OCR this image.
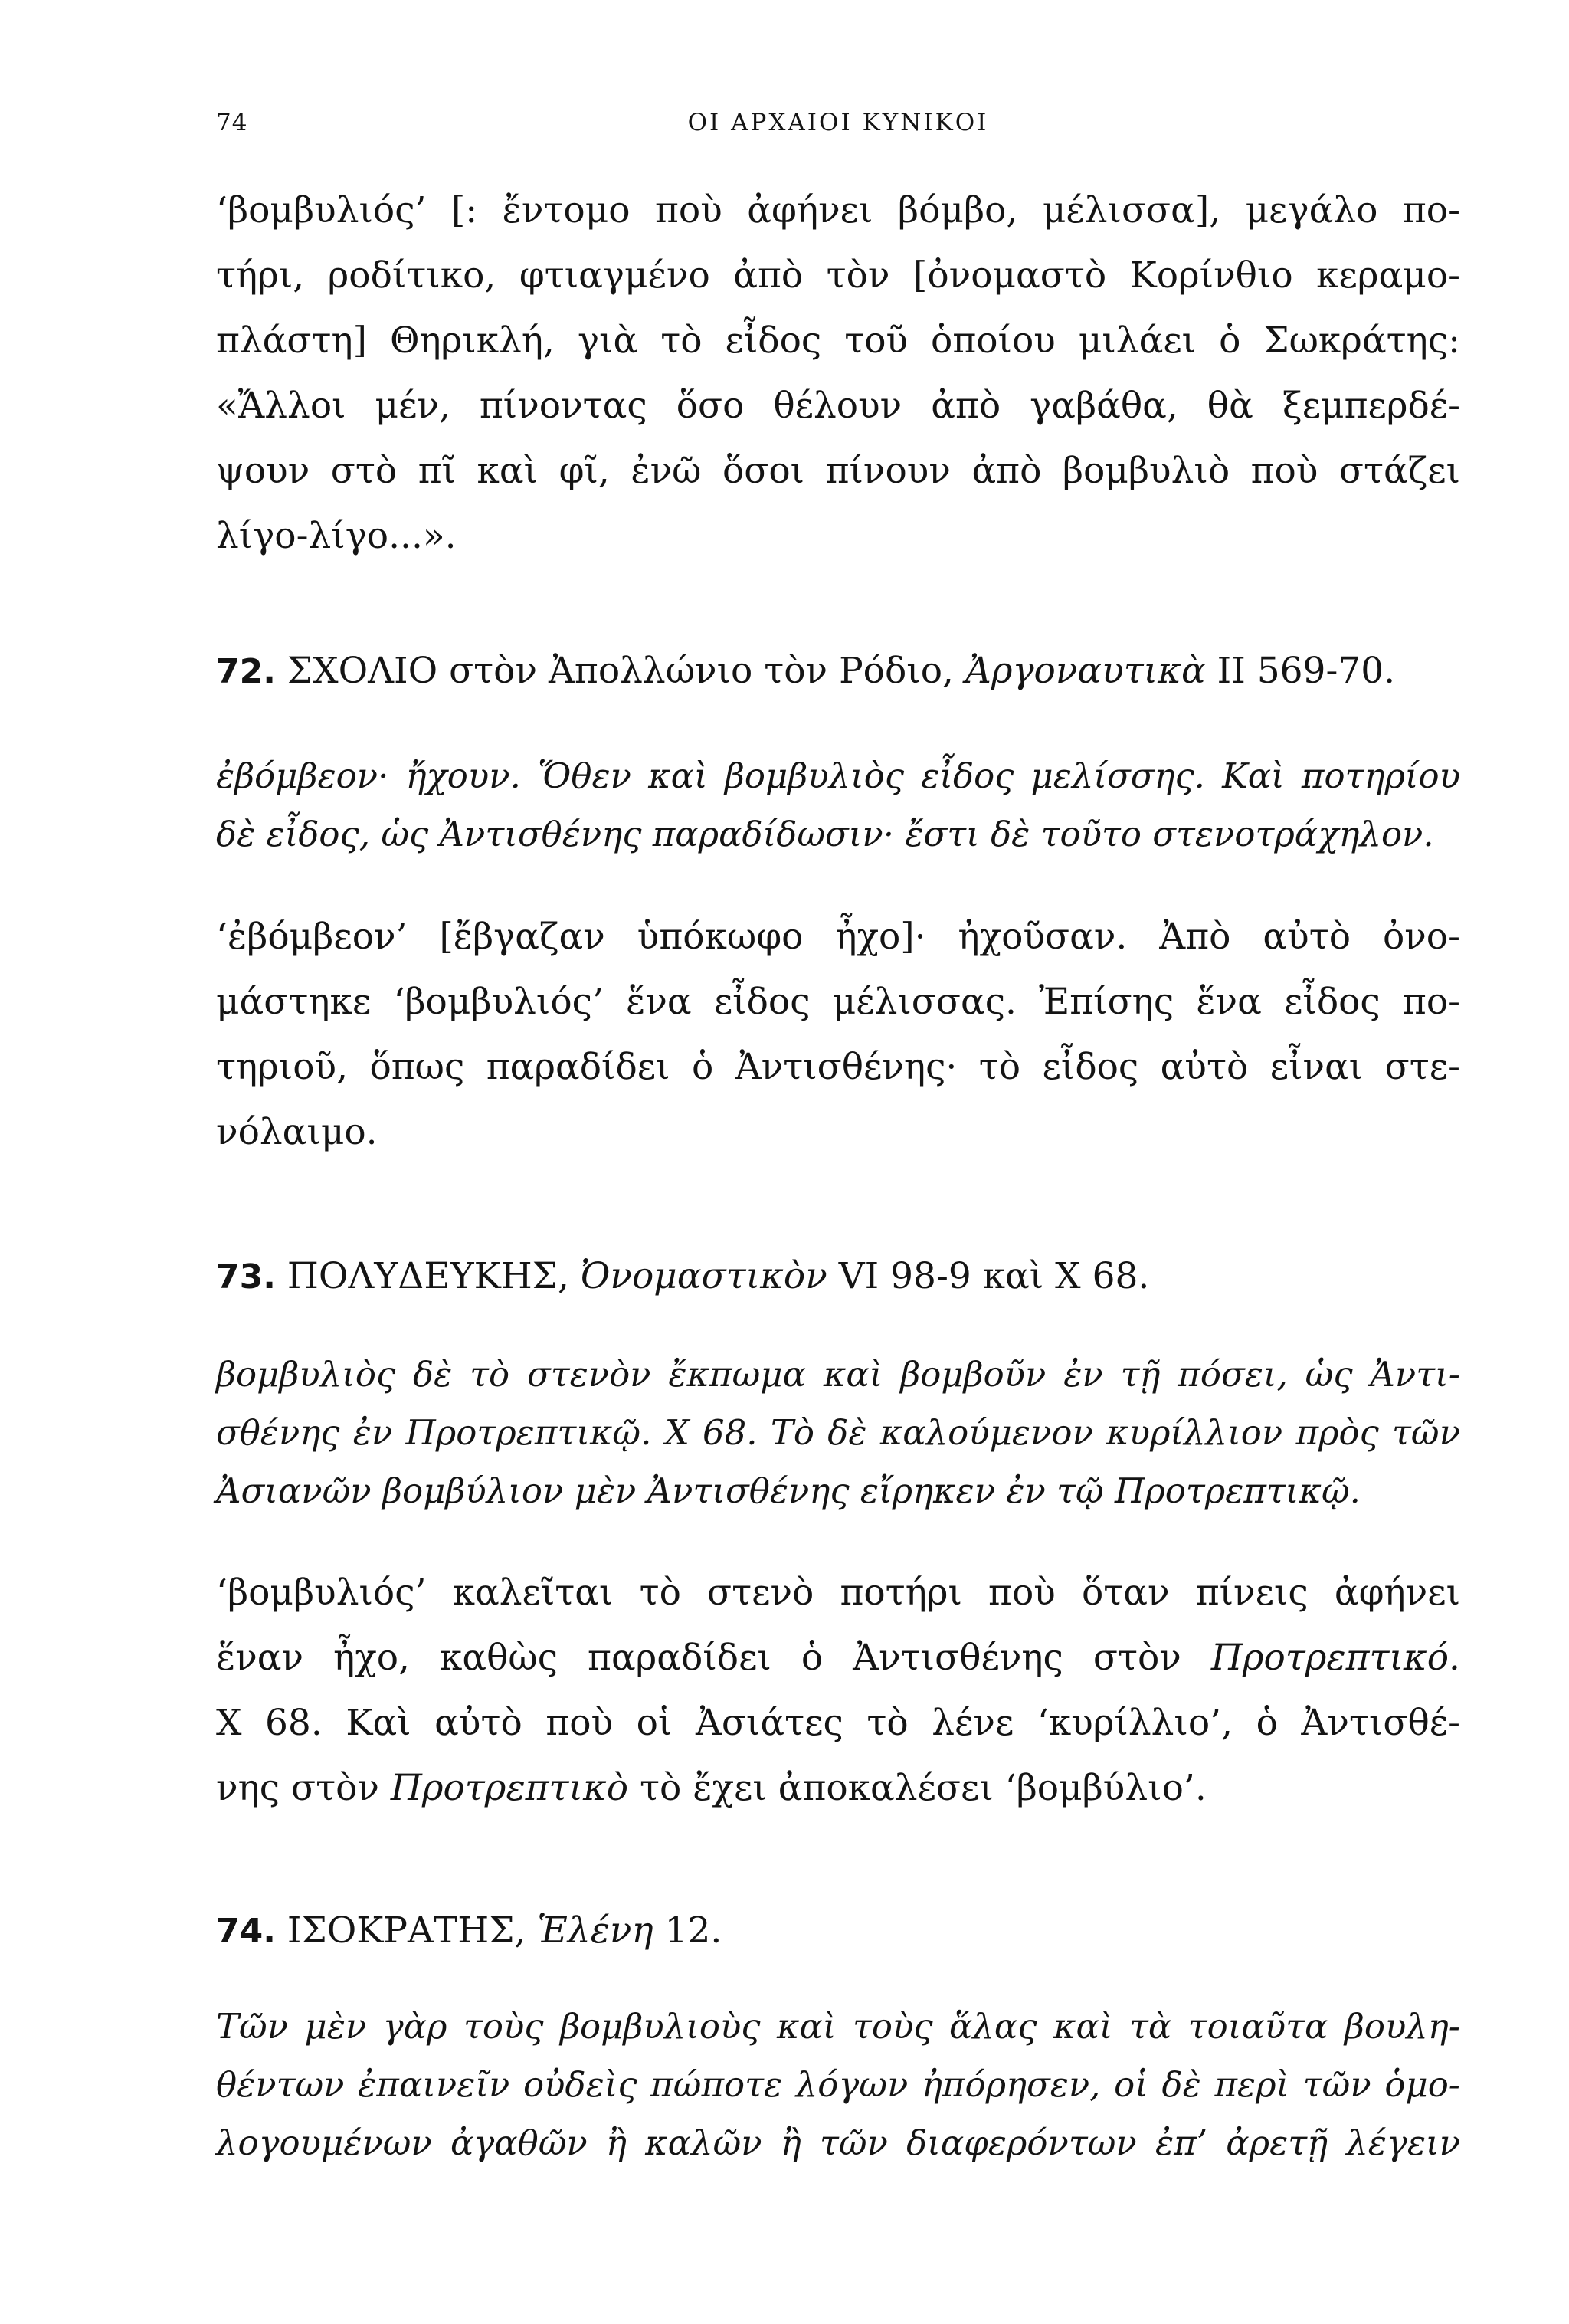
74	ΟΙ ΑΡΧΑΙΟΙ ΚΥΝΙΚΟΙ
‘βομβυλιός’ [: ἔντομο ποὺ ἀφήνει βόμβο, μέλισσα], μεγάλο πο-
τήρι, ροδίτικο, φτιαγμένο ἀπὸ τὸν [ὀνομαστὸ Κορίνθιο κεραμο-
πλάστη] Θηρικλή, γιὰ τὸ εἶδος τοῦ ὁποίου μιλάει ὁ Σωκράτης:
«Ἄλλοι μέν, πίνοντας ὅσο θέλουν ἀπὸ γαβάθα, θὰ ξεμπερδέ-
ψουν στὸ πῖ καὶ φῖ, ἐνῶ ὅσοι πίνουν ἀπὸ βομβυλιὸ ποὺ στάζει
λίγο-λίγο...».
72. ΣΧΟΛΙΟ στὸν Ἀπολλώνιο τὸν Ρόδιο, Ἀργοναυτικὰ II 569-70.
ἐβόμβεον· ἤχουν. Ὅθεν καὶ βομβυλιὸς εἶδος μελίσσης. Καὶ ποτηρίου
δὲ εἶδος, ὡς Ἀντισθένης παραδίδωσιν· ἔστι δὲ τοῦτο στενοτράχηλον.
‘ἐβόμβεον’ [ἔβγαζαν ὑπόκωφο ἦχο]· ἠχοῦσαν. Ἀπὸ αὐτὸ ὀνο-
μάστηκε ‘βομβυλιός’ ἕνα εἶδος μέλισσας. Ἐπίσης ἕνα εἶδος πο-
τηριοῦ, ὅπως παραδίδει ὁ Ἀντισθένης· τὸ εἶδος αὐτὸ εἶναι στε-
νόλαιμο.
73. ΠΟΛΥΔΕΥΚΗΣ, Ὀνομαστικὸν VI 98-9 καὶ X 68.
βομβυλιὸς δὲ τὸ στενὸν ἔκπωμα καὶ βομβοῦν ἐν τῇ πόσει, ὡς Ἀντι-
σθένης ἐν Προτρεπτικῷ. X 68. Τὸ δὲ καλούμενον κυρίλλιον πρὸς τῶν
Ἀσιανῶν βομβύλιον μὲν Ἀντισθένης εἴρηκεν ἐν τῷ Προτρεπτικῷ.
‘βομβυλιός’ καλεῖται τὸ στενὸ ποτήρι ποὺ ὅταν πίνεις ἀφήνει
ἕναν ἦχο, καθὼς παραδίδει ὁ Ἀντισθένης στὸν Προτρεπτικό.
X 68. Καὶ αὐτὸ ποὺ οἱ Ἀσιάτες τὸ λένε ‘κυρίλλιο’, ὁ Ἀντισθέ-
νης στὸν Προτρεπτικὸ τὸ ἔχει ἀποκαλέσει ‘βομβύλιο’.
74. ΙΣΟΚΡΑΤΗΣ, Ἑλένη 12.
Τῶν μὲν γὰρ τοὺς βομβυλιοὺς καὶ τοὺς ἅλας καὶ τὰ τοιαῦτα βουλη-
θέντων ἐπαινεῖν οὐδεὶς πώποτε λόγων ἠπόρησεν, οἱ δὲ περὶ τῶν ὁμο-
λογουμένων ἀγαθῶν ἢ καλῶν ἢ τῶν διαφερόντων ἐπ’ ἀρετῇ λέγειν
